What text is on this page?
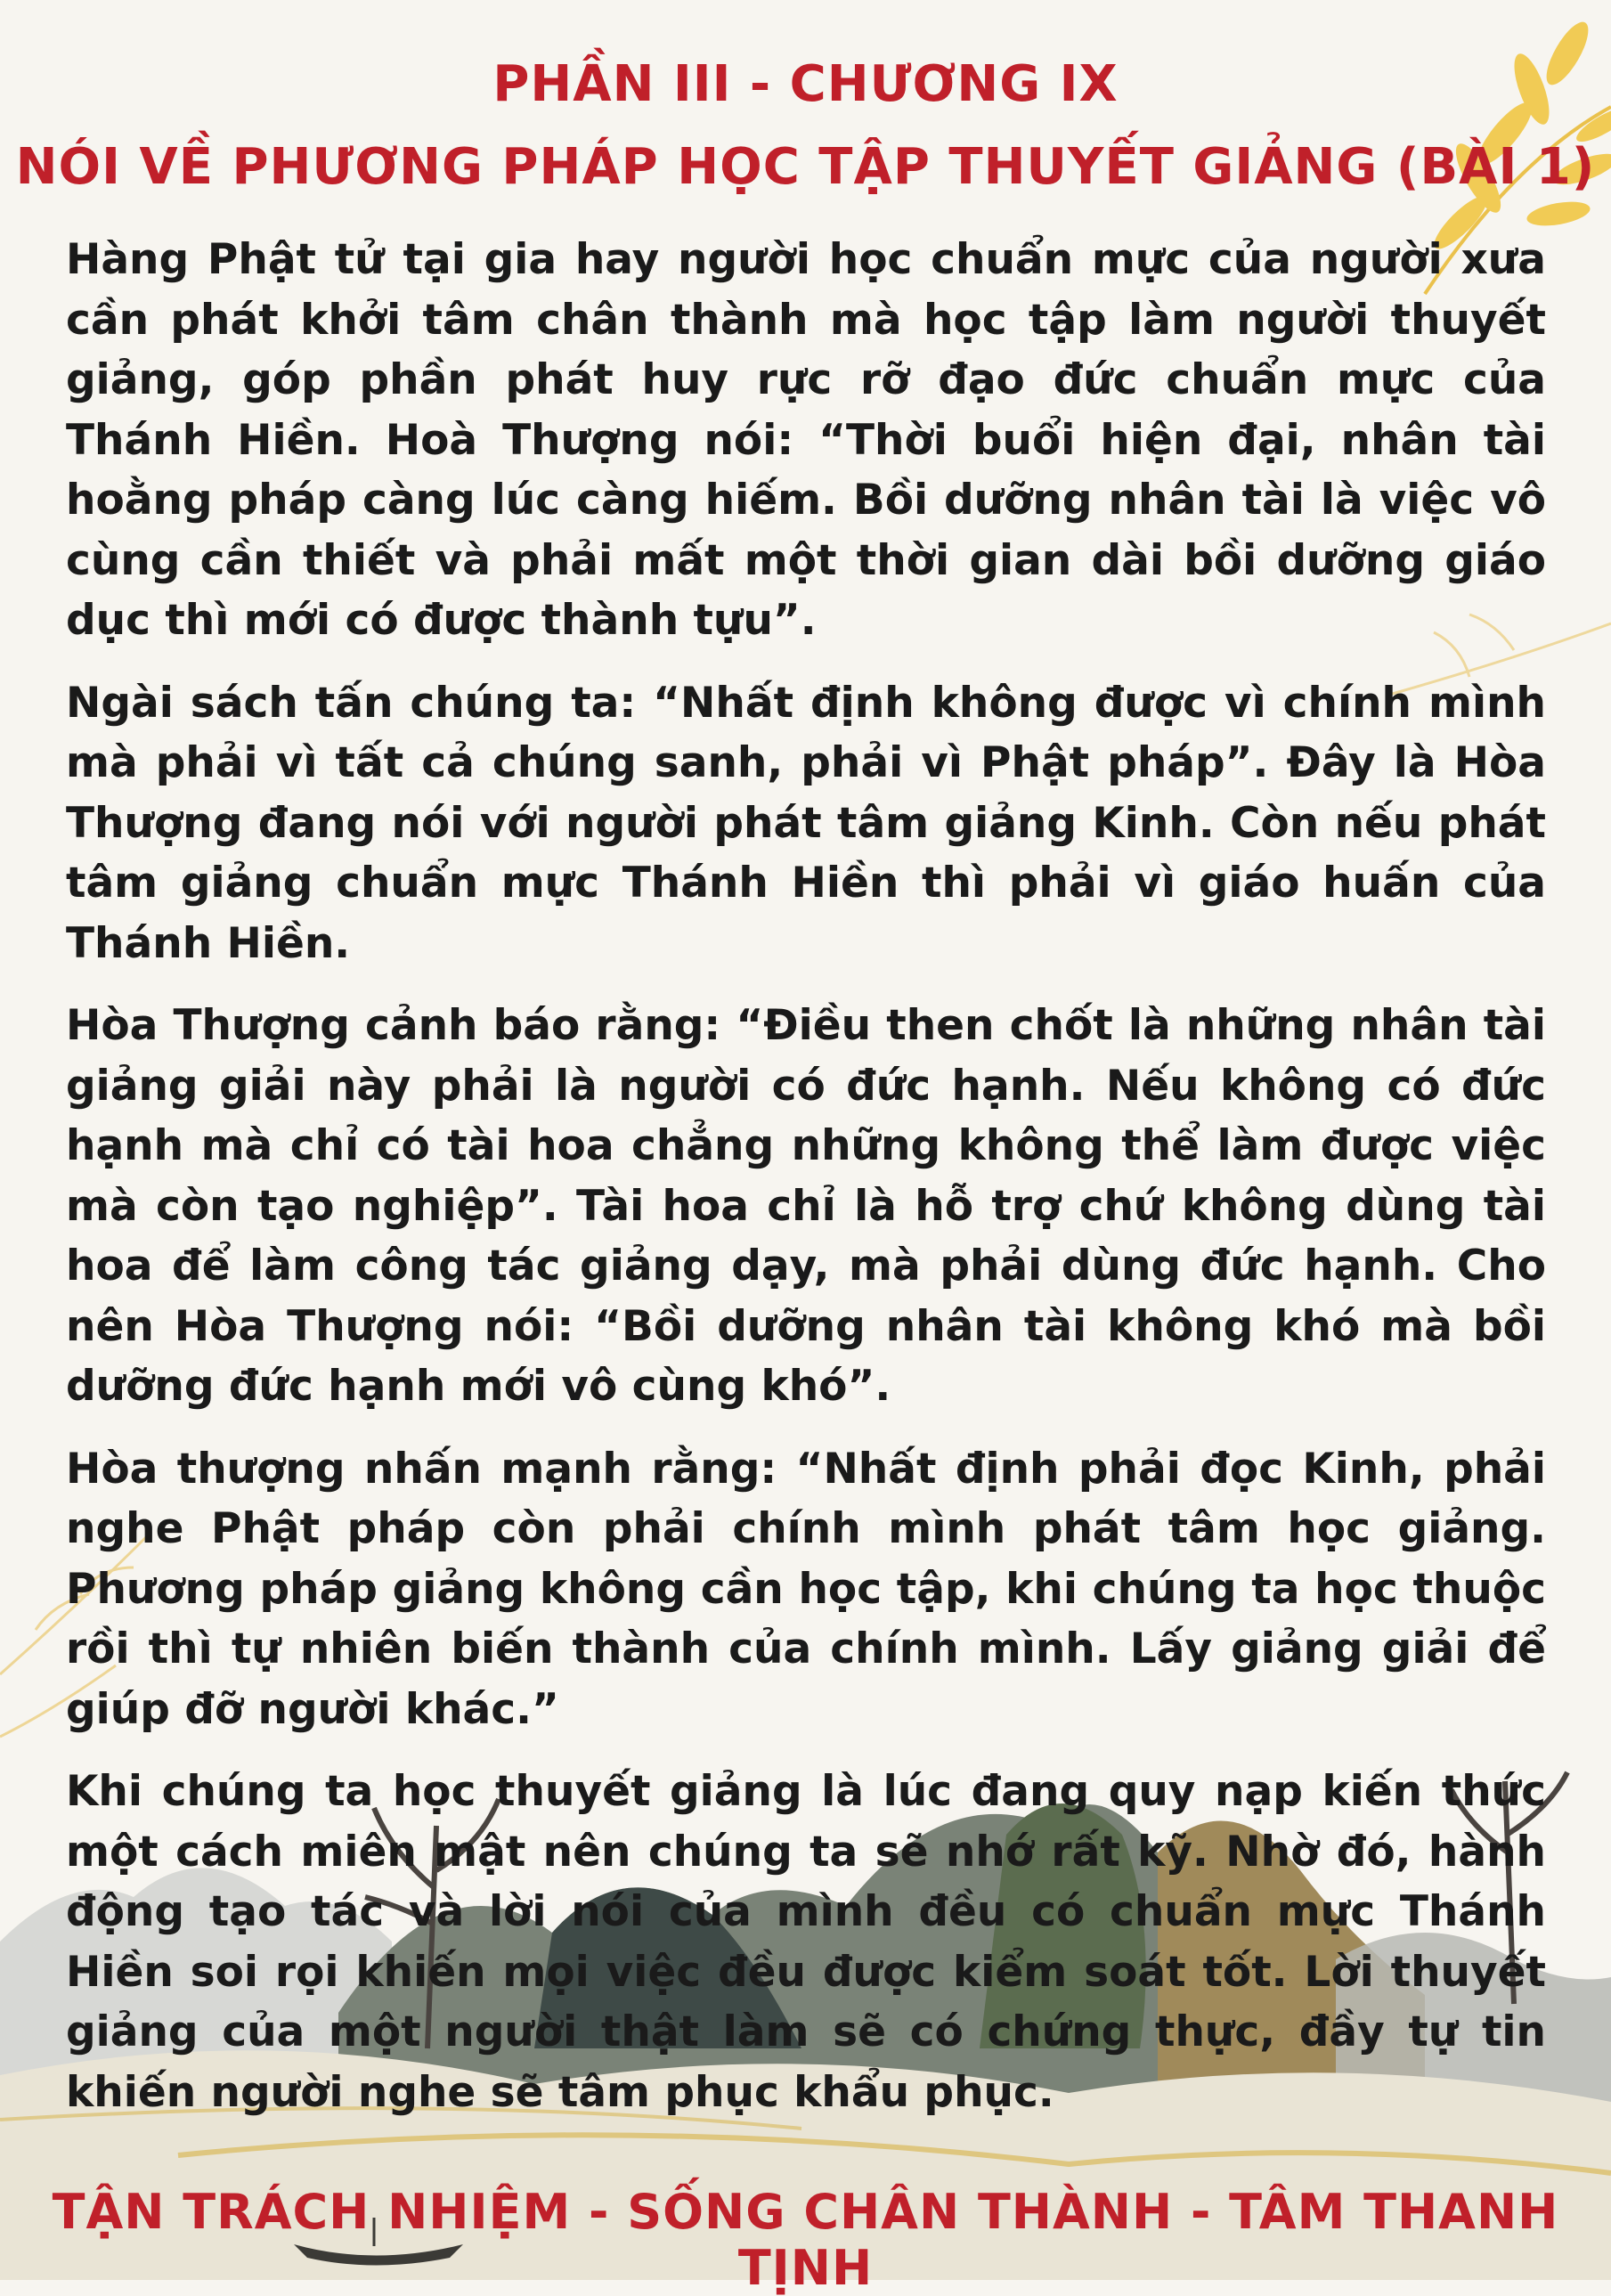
PHẦN III - CHƯƠNG IX
NÓI VỀ PHƯƠNG PHÁP HỌC TẬP THUYẾT GIẢNG (BÀI 1)

Hàng Phật tử tại gia hay người học chuẩn mực của người xưa cần phát khởi tâm chân thành mà học tập làm người thuyết giảng, góp phần phát huy rực rỡ đạo đức chuẩn mực của Thánh Hiền. Hoà Thượng nói: “Thời buổi hiện đại, nhân tài hoằng pháp càng lúc càng hiếm. Bồi dưỡng nhân tài là việc vô cùng cần thiết và phải mất một thời gian dài bồi dưỡng giáo dục thì mới có được thành tựu”.

Ngài sách tấn chúng ta: “Nhất định không được vì chính mình mà phải vì tất cả chúng sanh, phải vì Phật pháp”. Đây là Hòa Thượng đang nói với người phát tâm giảng Kinh. Còn nếu phát tâm giảng chuẩn mực Thánh Hiền thì phải vì giáo huấn của Thánh Hiền.

Hòa Thượng cảnh báo rằng: “Điều then chốt là những nhân tài giảng giải này phải là người có đức hạnh. Nếu không có đức hạnh mà chỉ có tài hoa chẳng những không thể làm được việc mà còn tạo nghiệp”. Tài hoa chỉ là hỗ trợ chứ không dùng tài hoa để làm công tác giảng dạy, mà phải dùng đức hạnh. Cho nên Hòa Thượng nói: “Bồi dưỡng nhân tài không khó mà bồi dưỡng đức hạnh mới vô cùng khó”.

Hòa thượng nhấn mạnh rằng: “Nhất định phải đọc Kinh, phải nghe Phật pháp còn phải chính mình phát tâm học giảng. Phương pháp giảng không cần học tập, khi chúng ta học thuộc rồi thì tự nhiên biến thành của chính mình. Lấy giảng giải để giúp đỡ người khác.”

Khi chúng ta học thuyết giảng là lúc đang quy nạp kiến thức một cách miên mật nên chúng ta sẽ nhớ rất kỹ. Nhờ đó, hành động tạo tác và lời nói của mình đều có chuẩn mực Thánh Hiền soi rọi khiến mọi việc đều được kiểm soát tốt. Lời thuyết giảng của một người thật làm sẽ có chứng thực, đầy tự tin khiến người nghe sẽ tâm phục khẩu phục.

TẬN TRÁCH NHIỆM - SỐNG CHÂN THÀNH - TÂM THANH TỊNH
